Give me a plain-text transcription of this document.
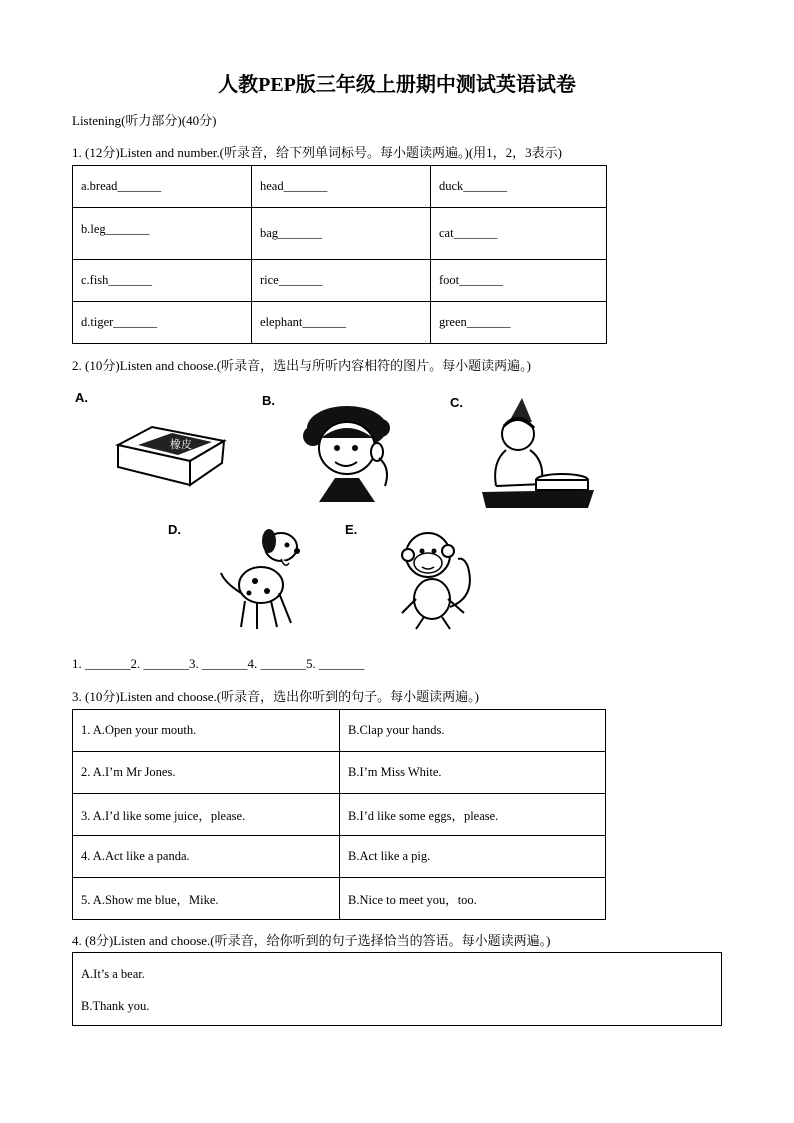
人教PEP版三年级上册期中测试英语试卷
Listening(听力部分)(40分)
1. (12分)Listen and number.(听录音，给下列单词标号。每小题读两遍。)(用1，2，3表示)
a.bread_______	head_______	duck_______
b.leg_______	bag_______	cat_______
c.fish_______	rice_______	foot_______
d.tiger_______	elephant_______	green_______
2. (10分)Listen and choose.(听录音，选出与所听内容相符的图片。每小题读两遍。)
A.	B.	C.
D.	E.
橡皮
1. _______2. _______3. _______4. _______5. _______
3. (10分)Listen and choose.(听录音，选出你听到的句子。每小题读两遍。)
1. A.Open your mouth.	B.Clap your hands.
2. A.I’m Mr Jones.	B.I’m Miss White.
3. A.I’d like some juice，please.	B.I’d like some eggs，please.
4. A.Act like a panda.	B.Act like a pig.
5. A.Show me blue，Mike.	B.Nice to meet you，too.
4. (8分)Listen and choose.(听录音，给你听到的句子选择恰当的答语。每小题读两遍。)
A.It’s a bear.
B.Thank you.
